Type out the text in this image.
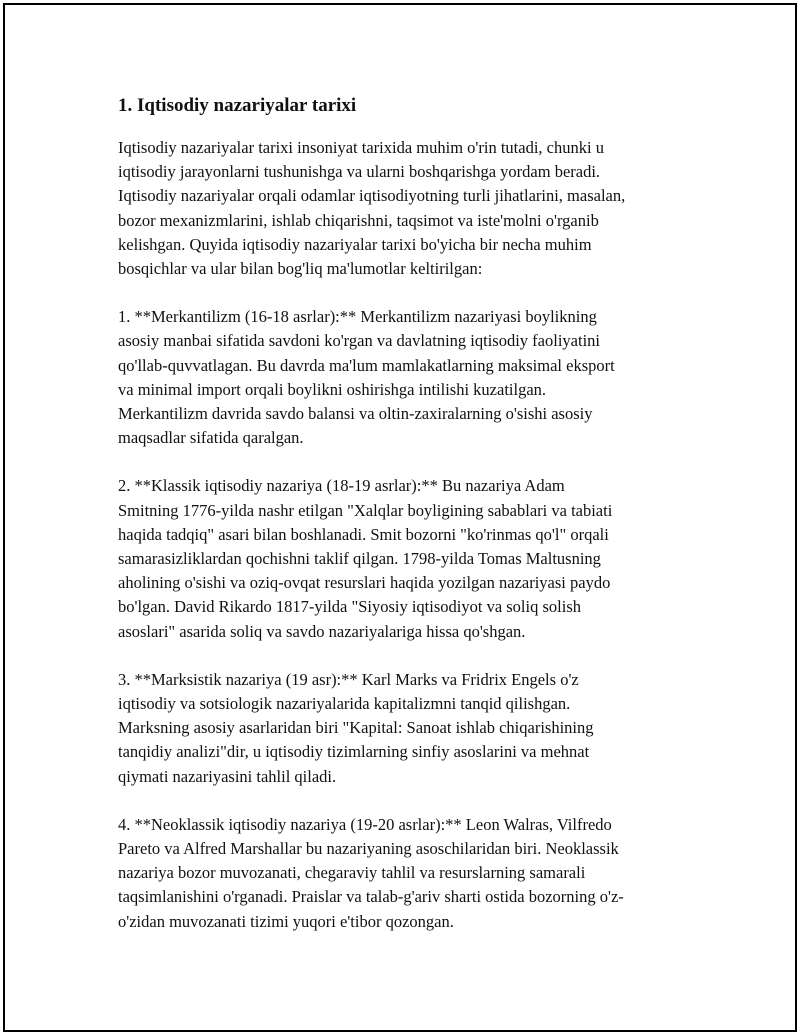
1. Iqtisodiy nazariyalar tarixi

Iqtisodiy nazariyalar tarixi insoniyat tarixida muhim o'rin tutadi, chunki u
iqtisodiy jarayonlarni tushunishga va ularni boshqarishga yordam beradi.
Iqtisodiy nazariyalar orqali odamlar iqtisodiyotning turli jihatlarini, masalan,
bozor mexanizmlarini, ishlab chiqarishni, taqsimot va iste'molni o'rganib
kelishgan. Quyida iqtisodiy nazariyalar tarixi bo'yicha bir necha muhim
bosqichlar va ular bilan bog'liq ma'lumotlar keltirilgan:

1. **Merkantilizm (16-18 asrlar):** Merkantilizm nazariyasi boylikning
asosiy manbai sifatida savdoni ko'rgan va davlatning iqtisodiy faoliyatini
qo'llab-quvvatlagan. Bu davrda ma'lum mamlakatlarning maksimal eksport
va minimal import orqali boylikni oshirishga intilishi kuzatilgan.
Merkantilizm davrida savdo balansi va oltin-zaxiralarning o'sishi asosiy
maqsadlar sifatida qaralgan.

2. **Klassik iqtisodiy nazariya (18-19 asrlar):** Bu nazariya Adam
Smitning 1776-yilda nashr etilgan "Xalqlar boyligining sabablari va tabiati
haqida tadqiq" asari bilan boshlanadi. Smit bozorni "ko'rinmas qo'l" orqali
samarasizliklardan qochishni taklif qilgan. 1798-yilda Tomas Maltusning
aholining o'sishi va oziq-ovqat resurslari haqida yozilgan nazariyasi paydo
bo'lgan. David Rikardo 1817-yilda "Siyosiy iqtisodiyot va soliq solish
asoslari" asarida soliq va savdo nazariyalariga hissa qo'shgan.

3. **Marksistik nazariya (19 asr):** Karl Marks va Fridrix Engels o'z
iqtisodiy va sotsiologik nazariyalarida kapitalizmni tanqid qilishgan.
Marksning asosiy asarlaridan biri "Kapital: Sanoat ishlab chiqarishining
tanqidiy analizi"dir, u iqtisodiy tizimlarning sinfiy asoslarini va mehnat
qiymati nazariyasini tahlil qiladi.

4. **Neoklassik iqtisodiy nazariya (19-20 asrlar):** Leon Walras, Vilfredo
Pareto va Alfred Marshallar bu nazariyaning asoschilaridan biri. Neoklassik
nazariya bozor muvozanati, chegaraviy tahlil va resurslarning samarali
taqsimlanishini o'rganadi. Praislar va talab-g'ariv sharti ostida bozorning o'z-
o'zidan muvozanati tizimi yuqori e'tibor qozongan.
